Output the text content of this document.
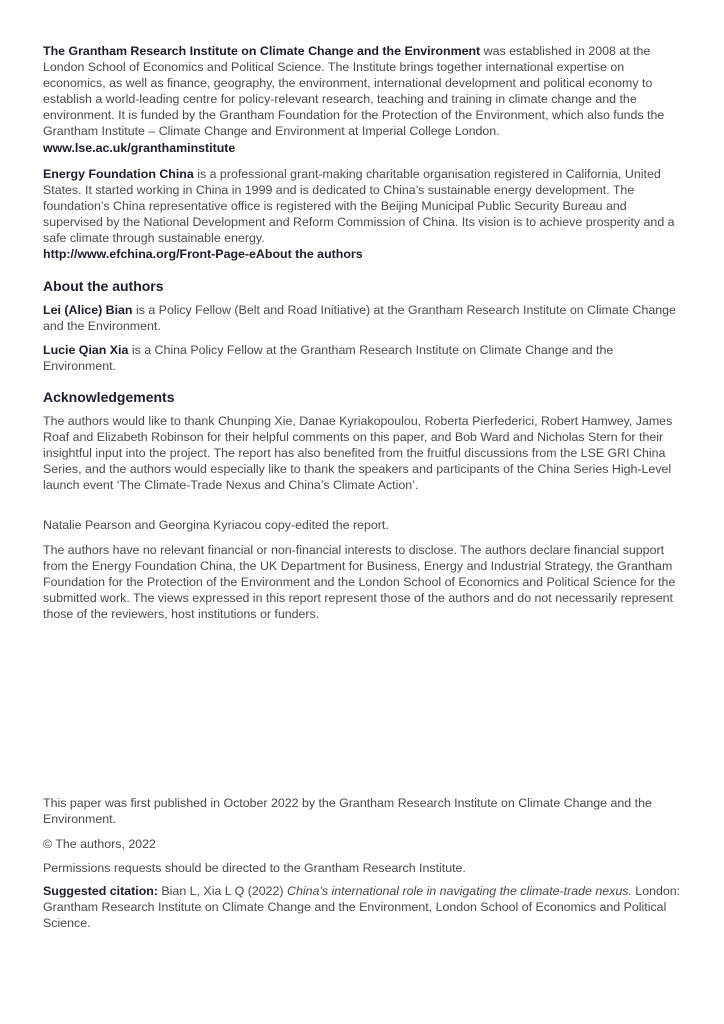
The Grantham Research Institute on Climate Change and the Environment was established in 2008 at the London School of Economics and Political Science. The Institute brings together international expertise on economics, as well as finance, geography, the environment, international development and political economy to establish a world-leading centre for policy-relevant research, teaching and training in climate change and the environment. It is funded by the Grantham Foundation for the Protection of the Environment, which also funds the Grantham Institute – Climate Change and Environment at Imperial College London. www.lse.ac.uk/granthaminstitute

Energy Foundation China is a professional grant-making charitable organisation registered in California, United States. It started working in China in 1999 and is dedicated to China’s sustainable energy development. The foundation’s China representative office is registered with the Beijing Municipal Public Security Bureau and supervised by the National Development and Reform Commission of China. Its vision is to achieve prosperity and a safe climate through sustainable energy.
http://www.efchina.org/Front-Page-eAbout the authors

About the authors

Lei (Alice) Bian is a Policy Fellow (Belt and Road Initiative) at the Grantham Research Institute on Climate Change and the Environment.

Lucie Qian Xia is a China Policy Fellow at the Grantham Research Institute on Climate Change and the Environment.

Acknowledgements

The authors would like to thank Chunping Xie, Danae Kyriakopoulou, Roberta Pierfederici, Robert Hamwey, James Roaf and Elizabeth Robinson for their helpful comments on this paper, and Bob Ward and Nicholas Stern for their insightful input into the project. The report has also benefited from the fruitful discussions from the LSE GRI China Series, and the authors would especially like to thank the speakers and participants of the China Series High-Level launch event ‘The Climate-Trade Nexus and China’s Climate Action’.

Natalie Pearson and Georgina Kyriacou copy-edited the report.

The authors have no relevant financial or non-financial interests to disclose. The authors declare financial support from the Energy Foundation China, the UK Department for Business, Energy and Industrial Strategy, the Grantham Foundation for the Protection of the Environment and the London School of Economics and Political Science for the submitted work. The views expressed in this report represent those of the authors and do not necessarily represent those of the reviewers, host institutions or funders.

This paper was first published in October 2022 by the Grantham Research Institute on Climate Change and the Environment.

© The authors, 2022

Permissions requests should be directed to the Grantham Research Institute.

Suggested citation: Bian L, Xia L Q (2022) China’s international role in navigating the climate-trade nexus. London: Grantham Research Institute on Climate Change and the Environment, London School of Economics and Political Science.
